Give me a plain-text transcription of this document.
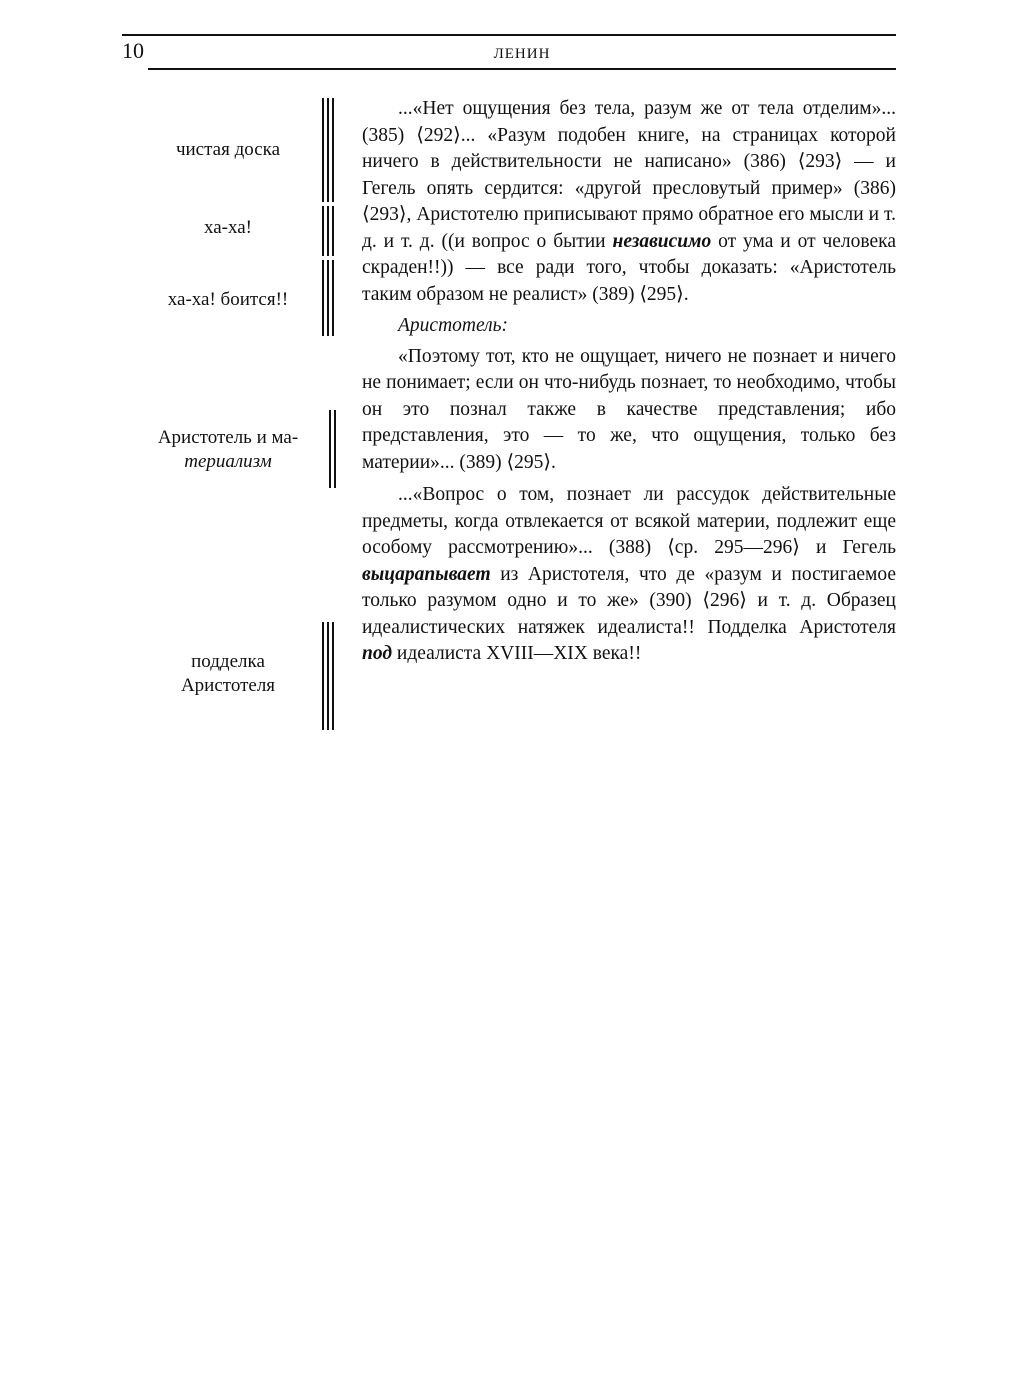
10	ЛЕНИН
чистая доска
ха-ха!
ха-ха! боится!!
Аристотель и ма-
териализм
подделка
Аристотеля

...«Нет ощущения без тела, разум же от тела отделим»... (385) ⟨292⟩... «Разум подобен книге, на страницах которой ничего в действительности не написано» (386) ⟨293⟩ — и Гегель опять сердится: «другой пресловутый пример» (386) ⟨293⟩, Аристотелю приписывают прямо обратное его мысли и т. д. и т. д. ((и вопрос о бытии независимо от ума и от человека скраден!!)) — все ради того, чтобы доказать: «Аристотель таким образом не реалист» (389) ⟨295⟩.

Аристотель:

«Поэтому тот, кто не ощущает, ничего не познает и ничего не понимает; если он что-нибудь познает, то необходимо, чтобы он это познал также в качестве представления; ибо представления, это — то же, что ощущения, только без материи»... (389) ⟨295⟩.

...«Вопрос о том, познает ли рассудок действительные предметы, когда отвлекается от всякой материи, подлежит еще особому рассмотрению»... (388) ⟨ср. 295—296⟩ и Гегель выцарапывает из Аристотеля, что де «разум и постигаемое только разумом одно и то же» (390) ⟨296⟩ и т. д. Образец идеалистических натяжек идеалиста!! Подделка Аристотеля под идеалиста XVIII—XIX века!!
